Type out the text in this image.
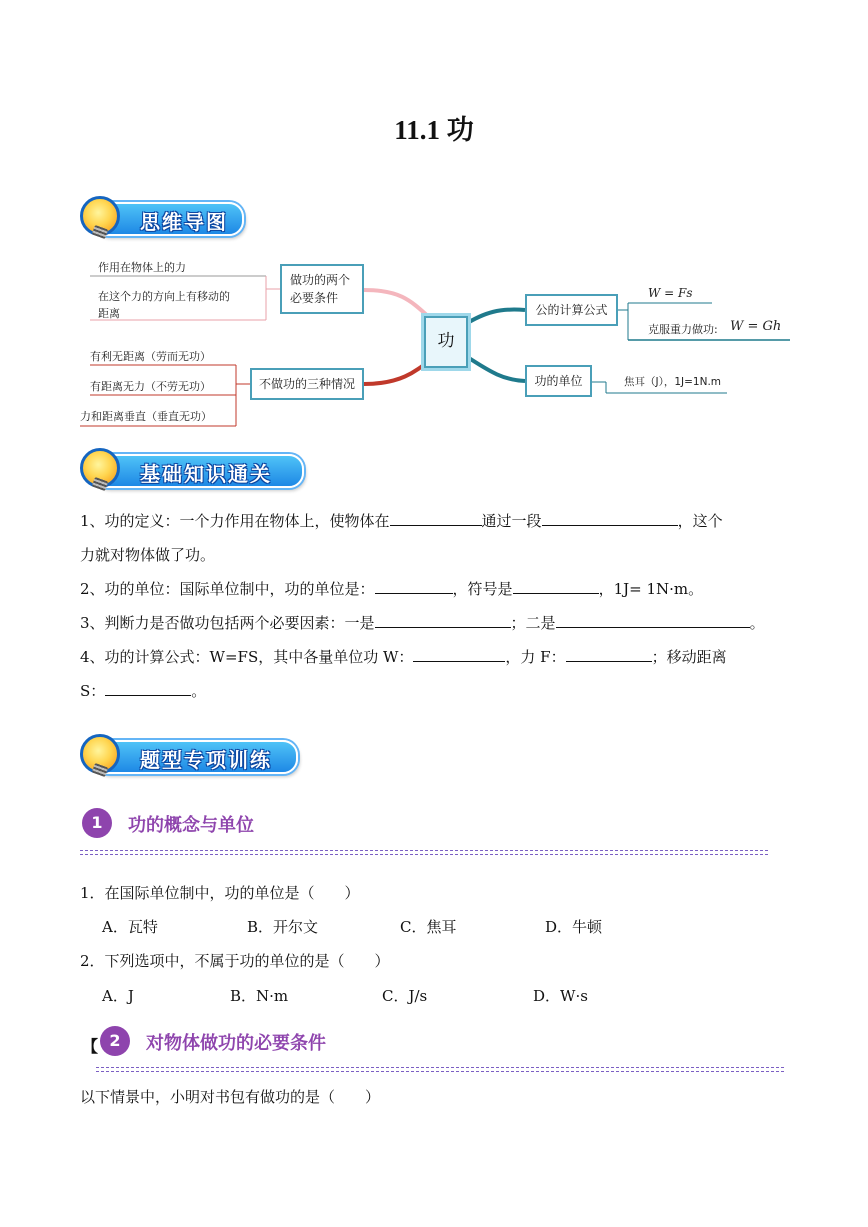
11.1 功
思维导图
作用在物体上的力
在这个力的方向上有移动的
距离
做功的两个必要条件
有利无距离（劳而无功）
有距离无力（不劳无功）
力和距离垂直（垂直无功）
不做功的三种情况
功
公的计算公式
W = Fs
克服重力做功: W = Gh
功的单位	焦耳（J），1J=1N.m
基础知识通关
1、功的定义：一个力作用在物体上，使物体在	通过一段	，这个
力就对物体做了功。
2、功的单位：国际单位制中，功的单位是：	，符号是	，1J= 1N·m。
3、判断力是否做功包括两个必要因素：一是	；二是	。
4、功的计算公式：W=FS，其中各量单位功 W：	，力 F：	；移动距离
S：	。
题型专项训练
1	功的概念与单位
1．在国际单位制中，功的单位是（　　）
A．瓦特	B．开尔文	C．焦耳	D．牛顿
2．下列选项中，不属于功的单位的是（　　）
A．J	B．N·m	C．J/s	D．W·s
【 2	对物体做功的必要条件
以下情景中，小明对书包有做功的是（　　）
